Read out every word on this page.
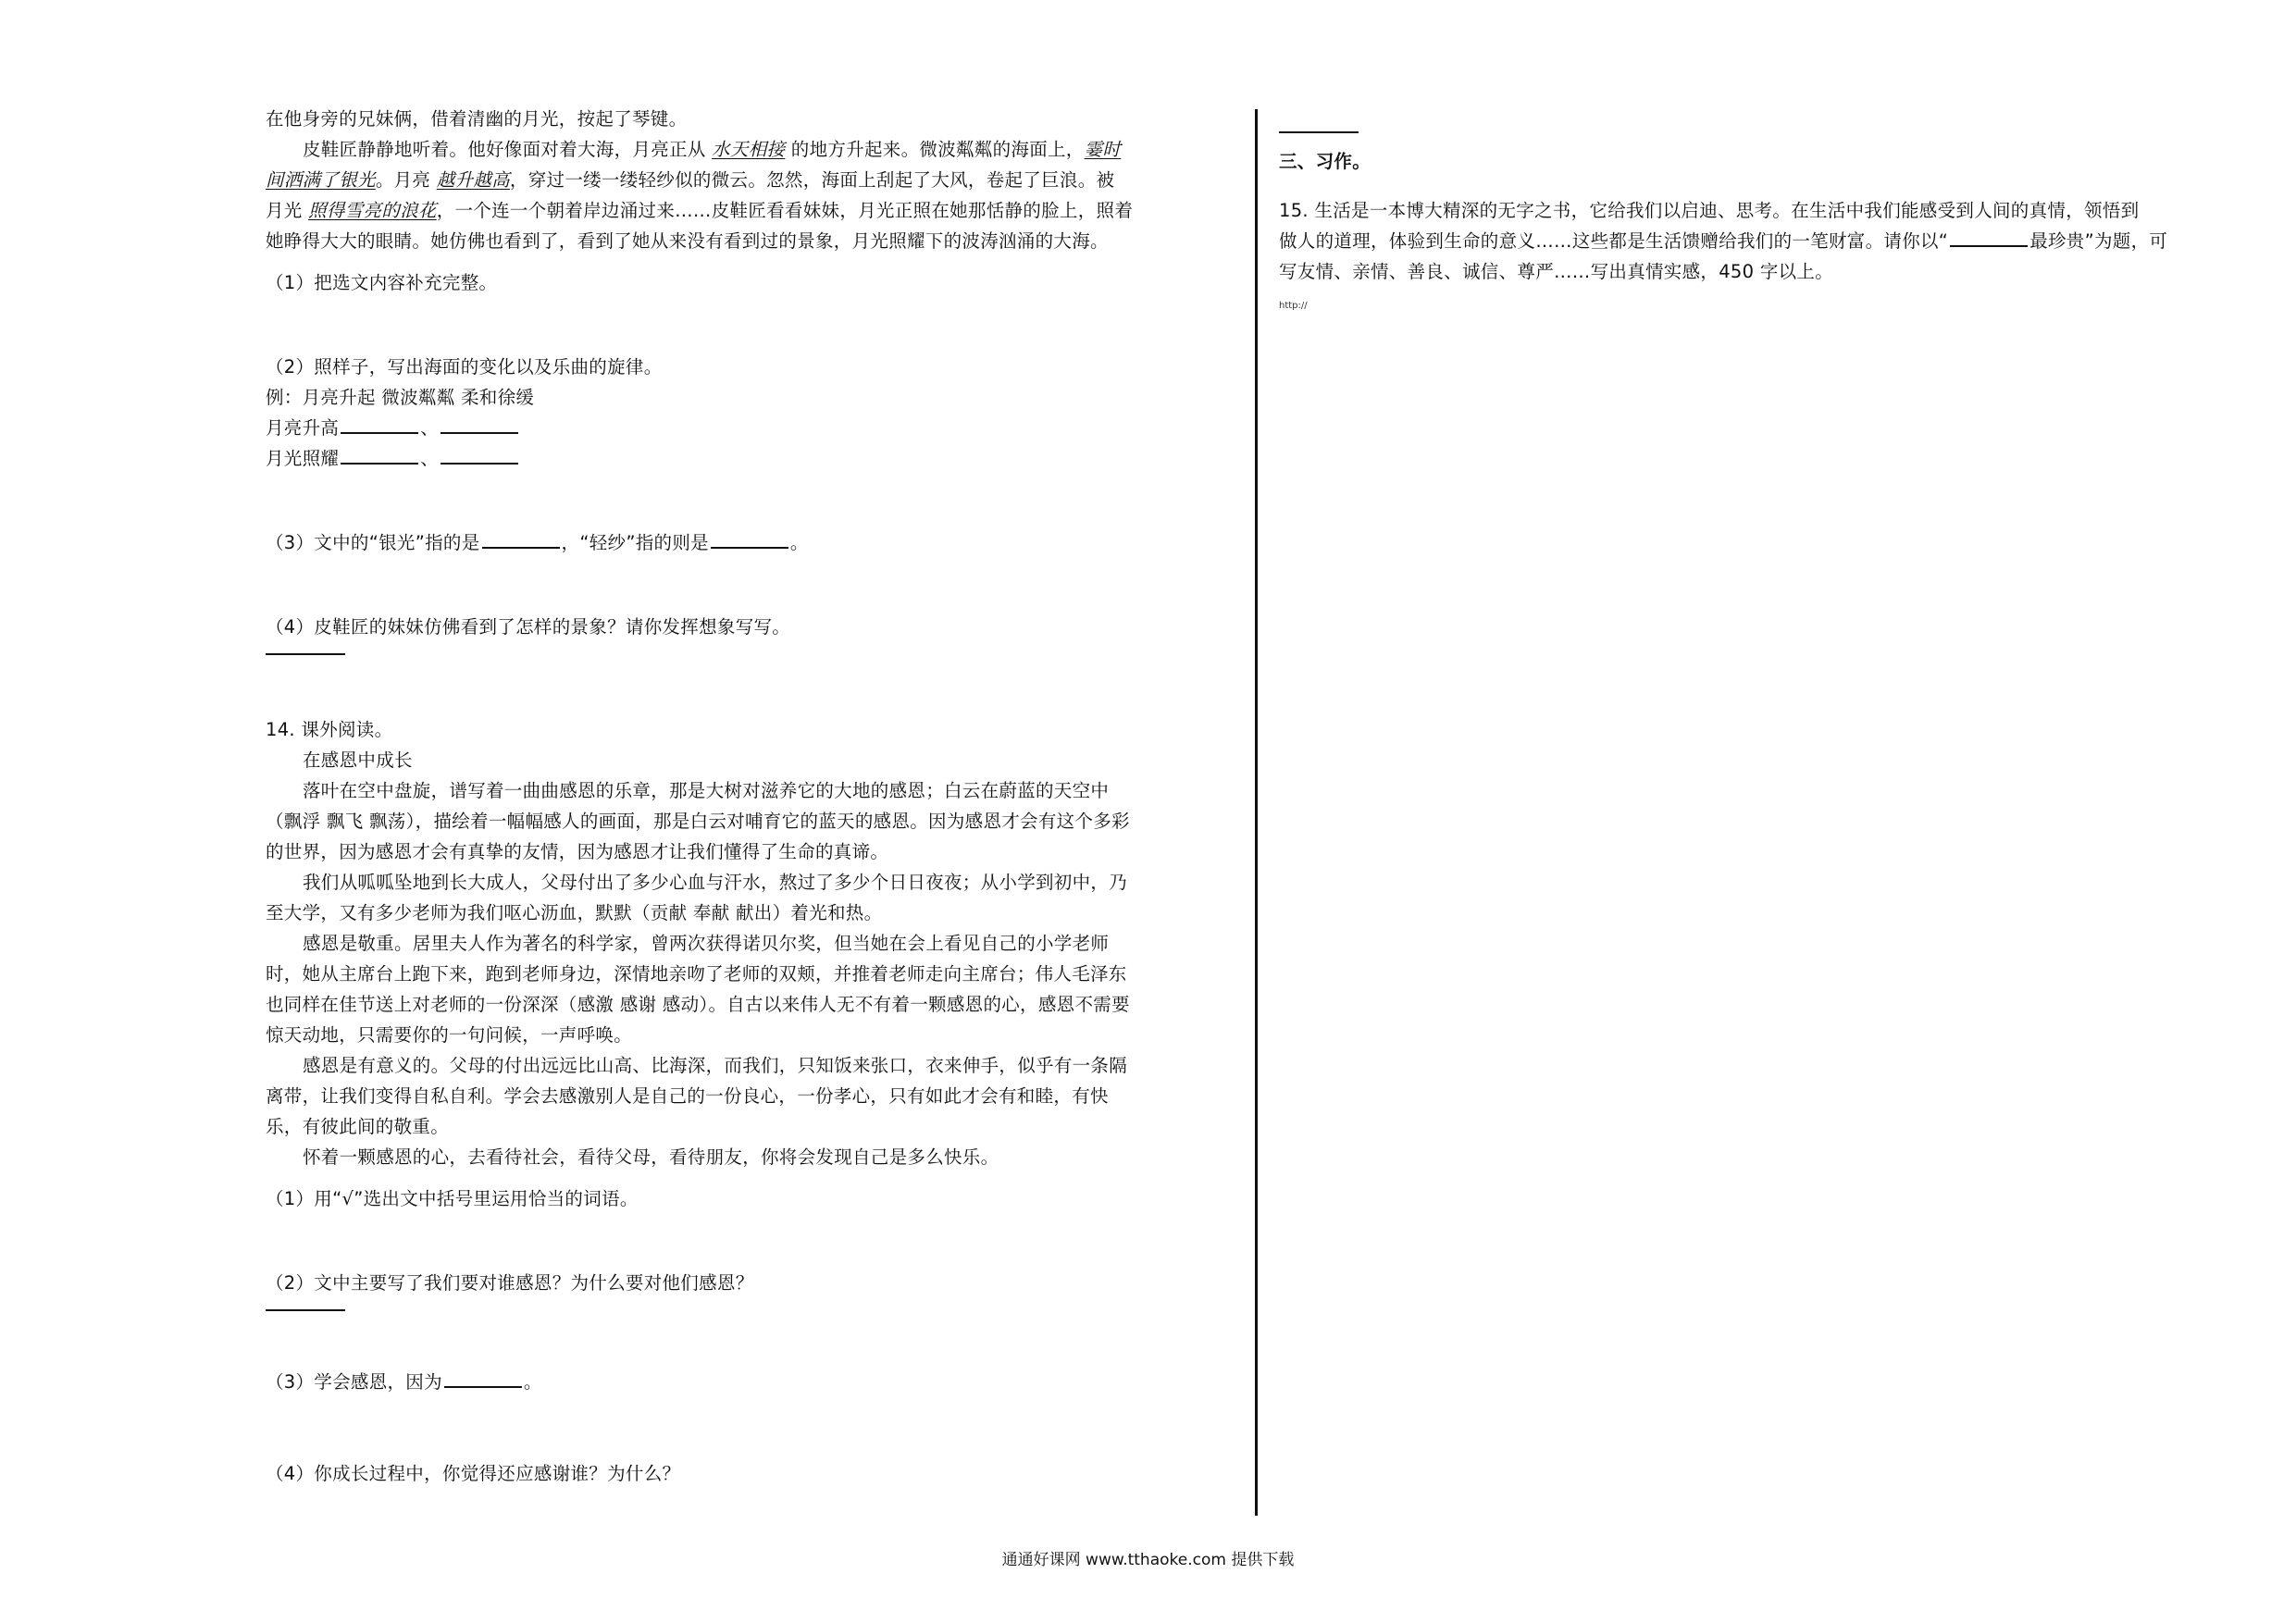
在他身旁的兄妹俩，借着清幽的月光，按起了琴键。
皮鞋匠静静地听着。他好像面对着大海，月亮正从 水天相接 的地方升起来。微波粼粼的海面上，霎时
间洒满了银光。月亮 越升越高，穿过一缕一缕轻纱似的微云。忽然，海面上刮起了大风，卷起了巨浪。被
月光 照得雪亮的浪花，一个连一个朝着岸边涌过来……皮鞋匠看看妹妹，月光正照在她那恬静的脸上，照着
她睁得大大的眼睛。她仿佛也看到了，看到了她从来没有看到过的景象，月光照耀下的波涛汹涌的大海。
（1）把选文内容补充完整。
（2）照样子，写出海面的变化以及乐曲的旋律。
例：月亮升起 微波粼粼 柔和徐缓
月亮升高	、
月光照耀	、
（3）文中的“银光”指的是	，“轻纱”指的则是	。
（4）皮鞋匠的妹妹仿佛看到了怎样的景象？请你发挥想象写写。
14. 课外阅读。
在感恩中成长
落叶在空中盘旋，谱写着一曲曲感恩的乐章，那是大树对滋养它的大地的感恩；白云在蔚蓝的天空中
（飘浮 飘飞 飘荡），描绘着一幅幅感人的画面，那是白云对哺育它的蓝天的感恩。因为感恩才会有这个多彩
的世界，因为感恩才会有真挚的友情，因为感恩才让我们懂得了生命的真谛。
我们从呱呱坠地到长大成人，父母付出了多少心血与汗水，熬过了多少个日日夜夜；从小学到初中，乃
至大学，又有多少老师为我们呕心沥血，默默（贡献 奉献 献出）着光和热。
感恩是敬重。居里夫人作为著名的科学家，曾两次获得诺贝尔奖，但当她在会上看见自己的小学老师
时，她从主席台上跑下来，跑到老师身边，深情地亲吻了老师的双颊，并推着老师走向主席台；伟人毛泽东
也同样在佳节送上对老师的一份深深（感激 感谢 感动）。自古以来伟人无不有着一颗感恩的心，感恩不需要
惊天动地，只需要你的一句问候，一声呼唤。
感恩是有意义的。父母的付出远远比山高、比海深，而我们，只知饭来张口，衣来伸手，似乎有一条隔
离带，让我们变得自私自利。学会去感激别人是自己的一份良心，一份孝心，只有如此才会有和睦，有快
乐，有彼此间的敬重。
怀着一颗感恩的心，去看待社会，看待父母，看待朋友，你将会发现自己是多么快乐。
（1）用“√”选出文中括号里运用恰当的词语。
（2）文中主要写了我们要对谁感恩？为什么要对他们感恩？
（3）学会感恩，因为	。
（4）你成长过程中，你觉得还应感谢谁？为什么？
三、习作。
15. 生活是一本博大精深的无字之书，它给我们以启迪、思考。在生活中我们能感受到人间的真情，领悟到
做人的道理，体验到生命的意义……这些都是生活馈赠给我们的一笔财富。请你以“	最珍贵”为题，可
写友情、亲情、善良、诚信、尊严……写出真情实感，450 字以上。
http://
通通好课网 www.tthaoke.com 提供下载
